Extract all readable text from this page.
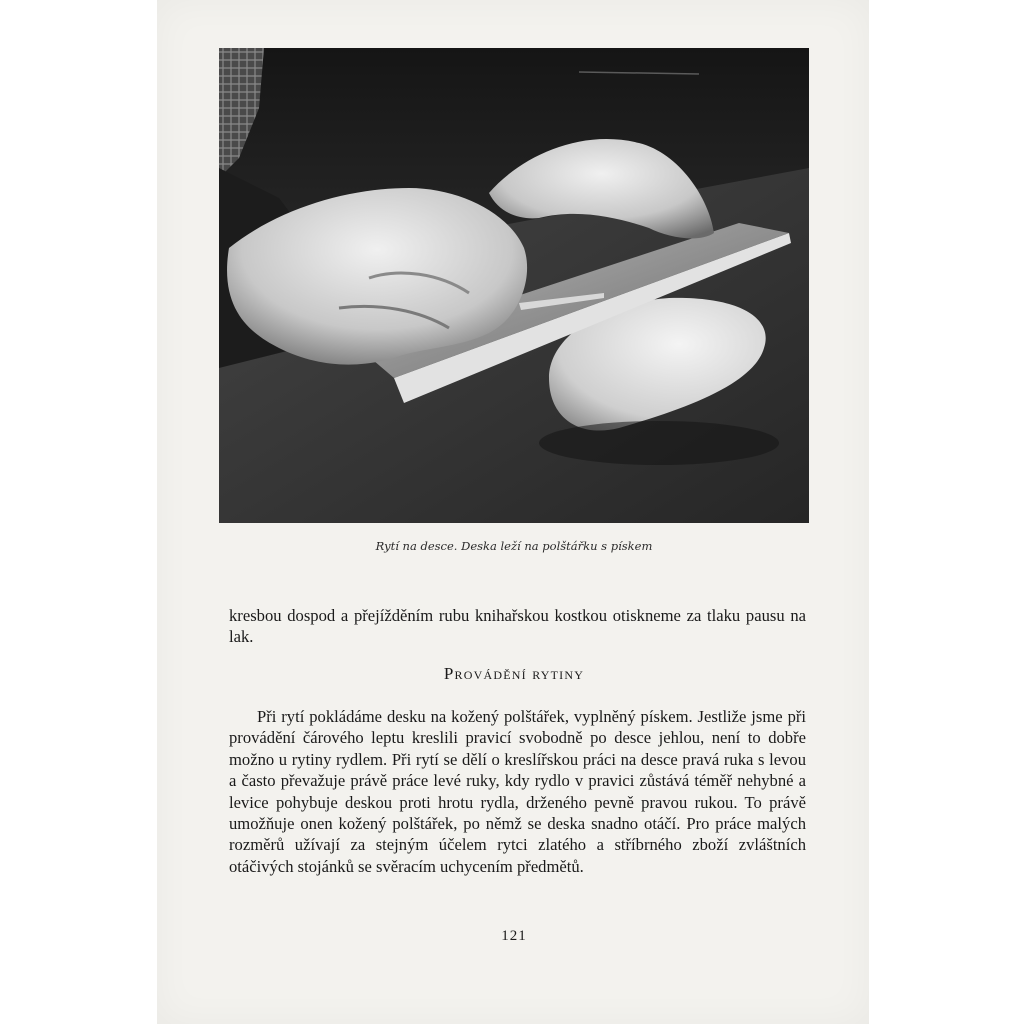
Rytí na desce. Deska leží na polštářku s pískem

kresbou dospod a přejížděním rubu knihařskou kostkou otiskneme za tlaku pausu na lak.

Provádění rytiny

Při rytí pokládáme desku na kožený polštářek, vyplněný pískem. Jestliže jsme při provádění čárového leptu kreslili pravicí svobodně po desce jehlou, není to dobře možno u rytiny rydlem. Při rytí se dělí o kreslířskou práci na desce pravá ruka s levou a často převažuje právě práce levé ruky, kdy rydlo v pravici zůstává téměř nehybné a levice pohybuje deskou proti hrotu rydla, drženého pevně pravou rukou. To právě umožňuje onen kožený polštářek, po němž se deska snadno otáčí. Pro práce malých rozměrů užívají za stejným účelem rytci zlatého a stříbrného zboží zvláštních otáčivých stojánků se svěracím uchycením předmětů.

121
